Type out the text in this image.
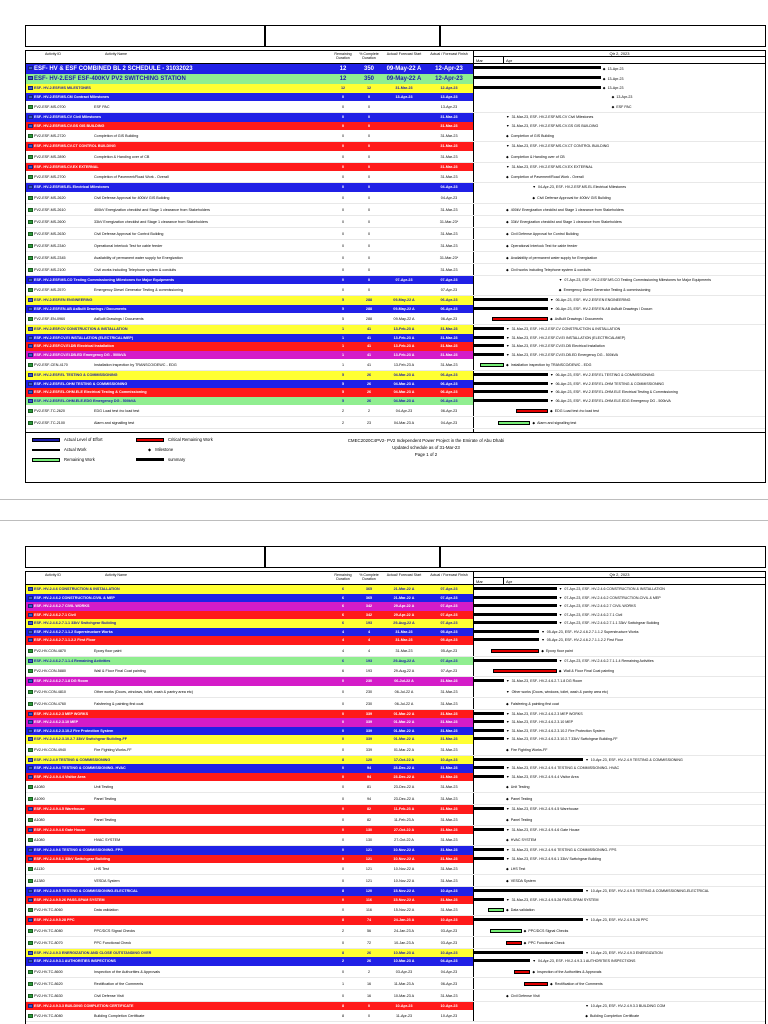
Activity ID	Activity Name	Remaining Duration
% Complete Duration
Actual/ Forecast Start	Actual / Forecast Finish	Qtr 2, 2023
Mar	Apr
ESF- HV & ESF COMBINED BL 2 SCHEDULE - 31032023	12	350	09-May-22 A	12-Apr-23	◆ 13-Apr-23
ESF- HV-2.ESF ESF-400KV PV2 SWITCHING STATION	12	350	09-May-22 A	12-Apr-23	◆ 13-Apr-23
ESF- HV-2.ESF.MS MILESTONES	12	12	31-Mar-23	12-Apr-23	◆ 13-Apr-23
ESF- HV-2.ESF.MS.CM Contract Milestones	0	0	13-Apr-23	13-Apr-23	◆ 13-Apr-23
PV2-ESF-MS-0700	ESF PAC	0	0	13-Apr-23	◆ ESF PAC
ESF- HV-2.ESF.MS.CV Civil Milestones	0	0	31-Mar-23	▼ 31-Mar-23, ESF- HV-2.ESF.MS.CV Civil Milestones
ESF- HV-2.ESF.MS.CV.GS GIS BUILDING	0	0	31-Mar-23	▼ 31-Mar-23, ESF- HV-2.ESF.MS.CV.GS GIS BUILDING
PV2-ESF-MS-2720	Completion of GIS Building	0	0	31-Mar-23	◆ Completion of GIS Building
ESF- HV-2.ESF.MS.CV.CT CONTROL BUILDING	0	0	31-Mar-23	▼ 31-Mar-23, ESF- HV-2.ESF.MS.CV.CT CONTROL BUILDING
PV2-ESF-MS-2890	Completion & Handing over of CB	0	0	31-Mar-23	◆ Completion & Handing over of CB
ESF- HV-2.ESF.MS.CV.EX EXTERNAL	0	0	31-Mar-23	▼ 31-Mar-23, ESF- HV-2.ESF.MS.CV.EX EXTERNAL
PV2-ESF-MS-2700	Completion of Pavement/Road Work - Overall	0	0	31-Mar-23	◆ Completion of Pavement/Road Work - Overall
ESF- HV-2.ESF.MS.EL Electrical Milestones	0	0	04-Apr-23	▼ 04-Apr-23, ESF- HV-2.ESF.MS.EL Electrical Milestones
PV2-ESF-MS-2620	Civil Defense Approval for 400kV GIS Building	0	0	04-Apr-23	◆ Civil Defense Approval for 400kV GIS Building
PV2-ESF-MS-2610	400kV Energization checklist and Stage 1 clearance from Stakeholders	0	0	31-Mar-23	◆ 400kV Energization checklist and Stage 1 clearance from Stakeholders
PV2-ESF-MS-2600	33kV Energization checklist and Stage 1 clearance from Stakeholders	0	0	31-Mar-23*	◆ 33kV Energization checklist and Stage 1 clearance from Stakeholders
PV2-ESF-MS-2630	Civil Defense Approval for Control Building	0	0	31-Mar-23	◆ Civil Defense Approval for Control Building
PV2-ESF-MS-2340	Operational Interlock Test for cable feeder	0	0	31-Mar-23	◆ Operational Interlock Test for cable feeder
PV2-ESF-MS-2345	Availability of permanent water supply for Energization	0	0	31-Mar-23*	◆ Availability of permanent water supply for Energization
PV2-ESF-MS-2100	Civil works including Telephone system & conduits	0	0	31-Mar-23	◆ Civil works including Telephone system & conduits
ESF- HV-2.ESF.MS.CO Testing Commissioning Milestones for Major Equipments	0	0	07-Apr-23	07-Apr-23	▼ 07-Apr-23, ESF- HV-2.ESF.MS.CO Testing Commissioning Milestones for Major Equipments
PV2-ESF-MS-2570	Emergency Diesel Generator Testing & commissioning	0	0	07-Apr-23	◆ Emergency Diesel Generator Testing & commissioning
ESF- HV-2.ESF.EN ENGINEERING	5	288	09-May-22 A	06-Apr-23	▼ 06-Apr-23, ESF- HV-2.ESF.EN ENGINEERING
ESF- HV-2.ESF.EN.AB AsBuilt Drawings / Documents	5	288	09-May-22 A	06-Apr-23	▼ 06-Apr-23, ESF- HV-2.ESF.EN.AB AsBuilt Drawings / Docum
PV2-ESF-EN-0960	AsBuilt Drawings / Documents	5	288	09-May-22 A	06-Apr-23	◆ AsBuilt Drawings / Documents
ESF- HV-2.ESF.CV CONSTRUCTION & INSTALLATION	1	41	13-Feb-23 A	31-Mar-23	▼ 31-Mar-23, ESF- HV-2.ESF.CV CONSTRUCTION & INSTALLATION
ESF- HV-2.ESF.CV.EI INSTALLATION (ELECTRICAL/MEP)	1	41	13-Feb-23 A	31-Mar-23	▼ 31-Mar-23, ESF- HV-2.ESF.CV.EI INSTALLATION (ELECTRICAL/MEP)
ESF- HV-2.ESF.CV.EI.DB Electrical Installation	1	41	13-Feb-23 A	31-Mar-23	▼ 31-Mar-23, ESF- HV-2.ESF.CV.EI.DB Electrical Installation
ESF- HV-2.ESF.CV.EI.DB.ED Emergency DG - 500kVA	1	41	13-Feb-23 A	31-Mar-23	▼ 31-Mar-23, ESF- HV-2.ESF.CV.EI.DB.ED Emergency DG - 500kVA
PV2-ESF-CEN-4170	Installation inspection by TRANSCO/DEWC - EDG	1	41	13-Feb-23 A	31-Mar-23	◆ Installation inspection by TRANSCO/DEWC - EDG
ESF- HV-2.ESF.EL TESTING & COMMISSIONING	5	26	04-Mar-23 A	06-Apr-23	▼ 06-Apr-23, ESF- HV-2.ESF.EL TESTING & COMMISSIONING
ESF- HV-2.ESF.EL.OHM TESTING & COMMISSIONING	5	26	04-Mar-23 A	06-Apr-23	▼ 06-Apr-23, ESF- HV-2.ESF.EL.OHM TESTING & COMMISSIONING
ESF- HV-2.ESF.EL.OHM.ELE Electrical Testing & Commissioning	5	26	04-Mar-23 A	06-Apr-23	▼ 06-Apr-23, ESF- HV-2.ESF.EL.OHM.ELE Electrical Testing & Commissioning
ESF- HV-2.ESF.EL.OHM.ELE.EDG Emergency DG - 500kVA	5	26	04-Mar-23 A	06-Apr-23	▼ 06-Apr-23, ESF- HV-2.ESF.EL.OHM.ELE.EDG Emergency DG - 500kVA
PV2-ESF-TC-2620	EDG Load test /no load test	2	2	04-Apr-23	06-Apr-23	◆ EDG Load test /no load test
PV2-ESF-TC-2100	Alarm and signalling test	2	23	04-Mar-23 A	04-Apr-23	◆ Alarm and signalling test
◆
Actual Level of Effort
Actual Work
Remaining Work
Critical Remaining Work
◆ Milestone
summary
CMEC2020C4PV2- PV2 Independent Power Project in the Emirate of Abu Dhabi
Updated schedule as of 31-Mar-23
Page 1 of 2
Activity ID	Activity Name	Remaining Duration
% Complete Duration
Actual/ Forecast Start	Actual / Forecast Finish	Qtr 2, 2023
Mar	Apr
ESF- HV-2.4.6 CONSTRUCTION & INSTALLATION	6	365	21-Mar-22 A	07-Apr-23	▼ 07-Apr-23, ESF- HV-2.4.6 CONSTRUCTION & INSTALLATION
ESF- HV-2.4.6.2 CONSTRUCTION-CIVIL & MEP	6	365	21-Mar-22 A	07-Apr-23	▼ 07-Apr-23, ESF- HV-2.4.6.2 CONSTRUCTION-CIVIL & MEP
ESF- HV-2.4.6.2.7 CIVIL WORKS	6	342	29-Apr-22 A	07-Apr-23	▼ 07-Apr-23, ESF- HV-2.4.6.2.7 CIVIL WORKS
ESF- HV-2.4.6.2.7.1 Civil	6	342	29-Apr-22 A	07-Apr-23	▼ 07-Apr-23, ESF- HV-2.4.6.2.7.1 Civil
ESF- HV-2.4.6.2.7.1.1 33kV Switchgear Building	6	193	29-Aug-22 A	07-Apr-23	▼ 07-Apr-23, ESF- HV-2.4.6.2.7.1.1 33kV Switchgear Building
ESF- HV-2.4.6.2.7.1.1.2 Superstructure Works	4	4	31-Mar-23	05-Apr-23	▼ 05-Apr-23, ESF- HV-2.4.6.2.7.1.1.2 Superstructure Works
ESF- HV-2.4.6.2.7.1.1.2.2 First Floor	4	4	31-Mar-23	05-Apr-23	▼ 05-Apr-23, ESF- HV-2.4.6.2.7.1.1.2.2 First Floor
PV2-HV-CON-4870	Epoxy floor paint	4	4	31-Mar-23	05-Apr-23	◆ Epoxy floor paint
ESF- HV-2.4.6.2.7.1.1.4 Remaining Activities	6	193	29-Aug-22 A	07-Apr-23	▼ 07-Apr-23, ESF- HV-2.4.6.2.7.1.1.4 Remaining Activities
PV2-HV-CON-5880	Wall & Floor Final Coat painting	6	193	29-Aug-22 A	07-Apr-23	◆ Wall & Floor Final Coat painting
ESF- HV-2.4.6.2.7.1.8 DG Room	0	230	06-Jul-22 A	31-Mar-23	▼ 31-Mar-23, ESF- HV-2.4.6.2.7.1.8 DG Room
PV2-HV-CON-4810	Other works (Doors, windows, toilet, wash & pantry area etc)	0	230	06-Jul-22 A	31-Mar-23	▼ Other works (Doors, windows, toilet, wash & pantry area etc)
PV2-HV-CON-4760	Falsfeeing & painting first coat	0	230	06-Jul-22 A	31-Mar-23	◆ Falsfeeing & painting first coat
ESF- HV-2.4.6.2.3 MEP WORKS	0	339	01-Mar-22 A	31-Mar-23	▼ 31-Mar-23, ESF- HV-2.4.6.2.3 MEP WORKS
ESF- HV-2.4.6.2.3.10 MEP	0	339	01-Mar-22 A	31-Mar-23	▼ 31-Mar-23, ESF- HV-2.4.6.2.3.10 MEP
ESF- HV-2.4.6.2.3.10.2 Fire Protection System	0	339	01-Mar-22 A	31-Mar-23	▼ 31-Mar-23, ESF- HV-2.4.6.2.3.10.2 Fire Protection System
ESF- HV-2.4.6.2.3.10.2.7 33kV Switchgear Building-FF	0	339	01-Mar-22 A	31-Mar-23	▼ 31-Mar-23, ESF- HV-2.4.6.2.3.10.2.7 33kV Switchgear Building-FF
PV2-HV-CON-4940	Fire Fighting Works-FF	0	339	01-Mar-22 A	31-Mar-23	◆ Fire Fighting Works-FF
ESF- HV-2.4.9 TESTING & COMMISSIONING	8	120	17-Oct-22 A	10-Apr-23	▼ 10-Apr-23, ESF- HV-2.4.9 TESTING & COMMISSIONING
ESF- HV-2.4.9.4 TESTING & COMMISSIONING- HVAC	0	94	23-Dec-22 A	31-Mar-23	▼ 31-Mar-23, ESF- HV-2.4.9.4 TESTING & COMMISSIONING- HVAC
ESF- HV-2.4.9.4.4 Visitor Area	0	94	23-Dec-22 A	31-Mar-23	▼ 31-Mar-23, ESF- HV-2.4.9.4.4 Visitor Area
A1080	Unit Testing	0	81	23-Dec-22 A	31-Mar-23	◆ Unit Testing
A1090	Panel Testing	0	94	23-Dec-22 A	31-Mar-23	◆ Panel Testing
ESF- HV-2.4.9.4.5 Warehouse	0	82	11-Feb-23 A	31-Mar-23	▼ 31-Mar-23, ESF- HV-2.4.9.4.5 Warehouse
A1080	Panel Testing	0	82	11-Feb-23 A	31-Mar-23	◆ Panel Testing
ESF- HV-2.4.9.4.6 Gate House	0	130	27-Oct-22 A	31-Mar-23	▼ 31-Mar-23, ESF- HV-2.4.9.4.6 Gate House
A1080	HVAC SYSTEM	0	130	27-Oct-22 A	31-Mar-23	◆ HVAC SYSTEM
ESF- HV-2.4.9.6 TESTING & COMMISSIONING- FPS	0	121	10-Nov-22 A	31-Mar-23	▼ 31-Mar-23, ESF- HV-2.4.9.6 TESTING & COMMISSIONING- FPS
ESF- HV-2.4.9.6.1 33kV Switchgear Building	0	121	10-Nov-22 A	31-Mar-23	▼ 31-Mar-23, ESF- HV-2.4.9.6.1 33kV Switchgear Building
A1130	LHS Test	0	121	10-Nov-22 A	31-Mar-23	◆ LHS Test
A1380	VESDA System	0	121	10-Nov-22 A	31-Mar-23	◆ VESDA System
ESF- HV-2.4.9.5 TESTING & COMMISSIONING-ELECTRICAL	8	120	15-Nov-22 A	10-Apr-23	▼ 10-Apr-23, ESF- HV-2.4.9.5 TESTING & COMMISSIONING-ELECTRICAL
ESF- HV-2.4.9.5.26 PASS-SPAM SYSTEM	0	116	15-Nov-22 A	31-Mar-23	▼ 31-Mar-23, ESF- HV-2.4.9.5.26 PASS-SPAM SYSTEM
PV2-HV-TC-8060	Data validation	0	116	15-Nov-22 A	31-Mar-23	◆ Data validation
ESF- HV-2.4.9.5.28 PPC	8	74	24-Jan-23 A	10-Apr-23	▼ 10-Apr-23, ESF- HV-2.4.9.5.28 PPC
PV2-HV-TC-8080	PPC/DCS Signal Checks	2	56	24-Jan-23 A	03-Apr-23	◆ PPC/DCS Signal Checks
PV2-HV-TC-8070	PPC Functional Check	0	72	10-Jan-23 A	03-Apr-23	◆ PPC Functional Check
ESF- HV-2.4.9.3 ENERGIZATION AND CLOSE OUTSTANDING OVER	8	26	10-Mar-23 A	10-Apr-23	▼ 10-Apr-23, ESF- HV-2.4.9.3 ENERGIZATION
ESF- HV-2.4.9.3.1 AUTHORITIES INSPECTIONS	2	26	10-Mar-23 A	04-Apr-23	▼ 04-Apr-23, ESF- HV-2.4.9.3.1 AUTHORITIES INSPECTIONS
PV2-HV-TC-8600	Inspection of the Authorities & Approvals	0	2	03-Apr-23	04-Apr-23	◆ Inspection of the Authorities & Approvals
PV2-HV-TC-8620	Rectification of the Comments	1	16	11-Mar-23 A	06-Apr-23	◆ Rectification of the Comments
PV2-HV-TC-8630	Civil Defense Visit	0	16	10-Mar-23 A	31-Mar-23	◆ Civil Defense Visit
ESF- HV-2.4.9.3.3 BUILDING COMPLETION CERTIFICATE	8	0	10-Apr-23	10-Apr-23	▼ 10-Apr-23, ESF- HV-2.4.9.3.3 BUILDING COM
PV2-HV-TC-8080	Building Completion Certificate	8	0	11-Apr-23	10-Apr-23	◆ Building Completion Certificate
